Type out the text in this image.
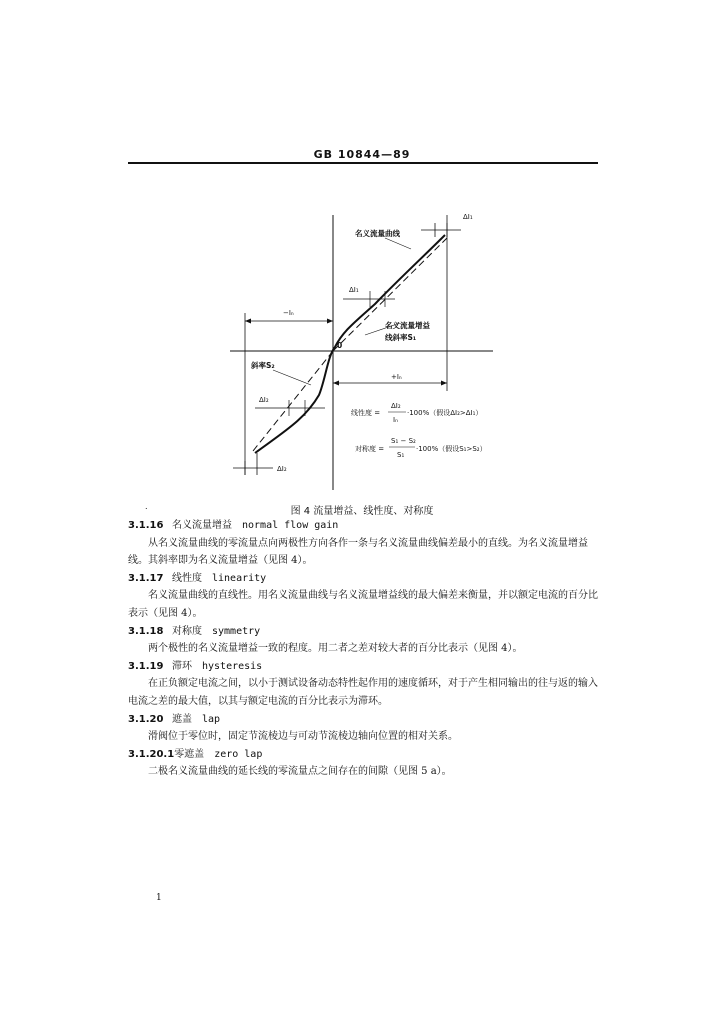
GB 10844—89
ΔI₁
名义流量曲线
ΔI₁
−Iₙ
名义流量增益
线斜率S₁
0
斜率S₂
+Iₙ
ΔI₂
ΔI₂
线性度 =
ΔI₂
Iₙ
·100%（假设ΔI₂>ΔI₁）
对称度 =
S₁ − S₂
S₁
·100%（假设S₁>S₂）
.	图 4 流量增益、线性度、对称度
3.1.16 名义流量增益 normal flow gain
从名义流量曲线的零流量点向两极性方向各作一条与名义流量曲线偏差最小的直线。为名义流量增益线。其斜率即为名义流量增益（见图 4）。
3.1.17 线性度 linearity
名义流量曲线的直线性。用名义流量曲线与名义流量增益线的最大偏差来衡量，并以额定电流的百分比表示（见图 4）。
3.1.18 对称度 symmetry
两个极性的名义流量增益一致的程度。用二者之差对较大者的百分比表示（见图 4）。
3.1.19 滞环 hysteresis
在正负额定电流之间，以小于测试设备动态特性起作用的速度循环，对于产生相同输出的往与返的输入电流之差的最大值，以其与额定电流的百分比表示为滞环。
3.1.20 遮盖 lap
滑阀位于零位时，固定节流棱边与可动节流棱边轴向位置的相对关系。
3.1.20.1零遮盖 zero lap
二极名义流量曲线的延长线的零流量点之间存在的间隙（见图 5 a）。
1
